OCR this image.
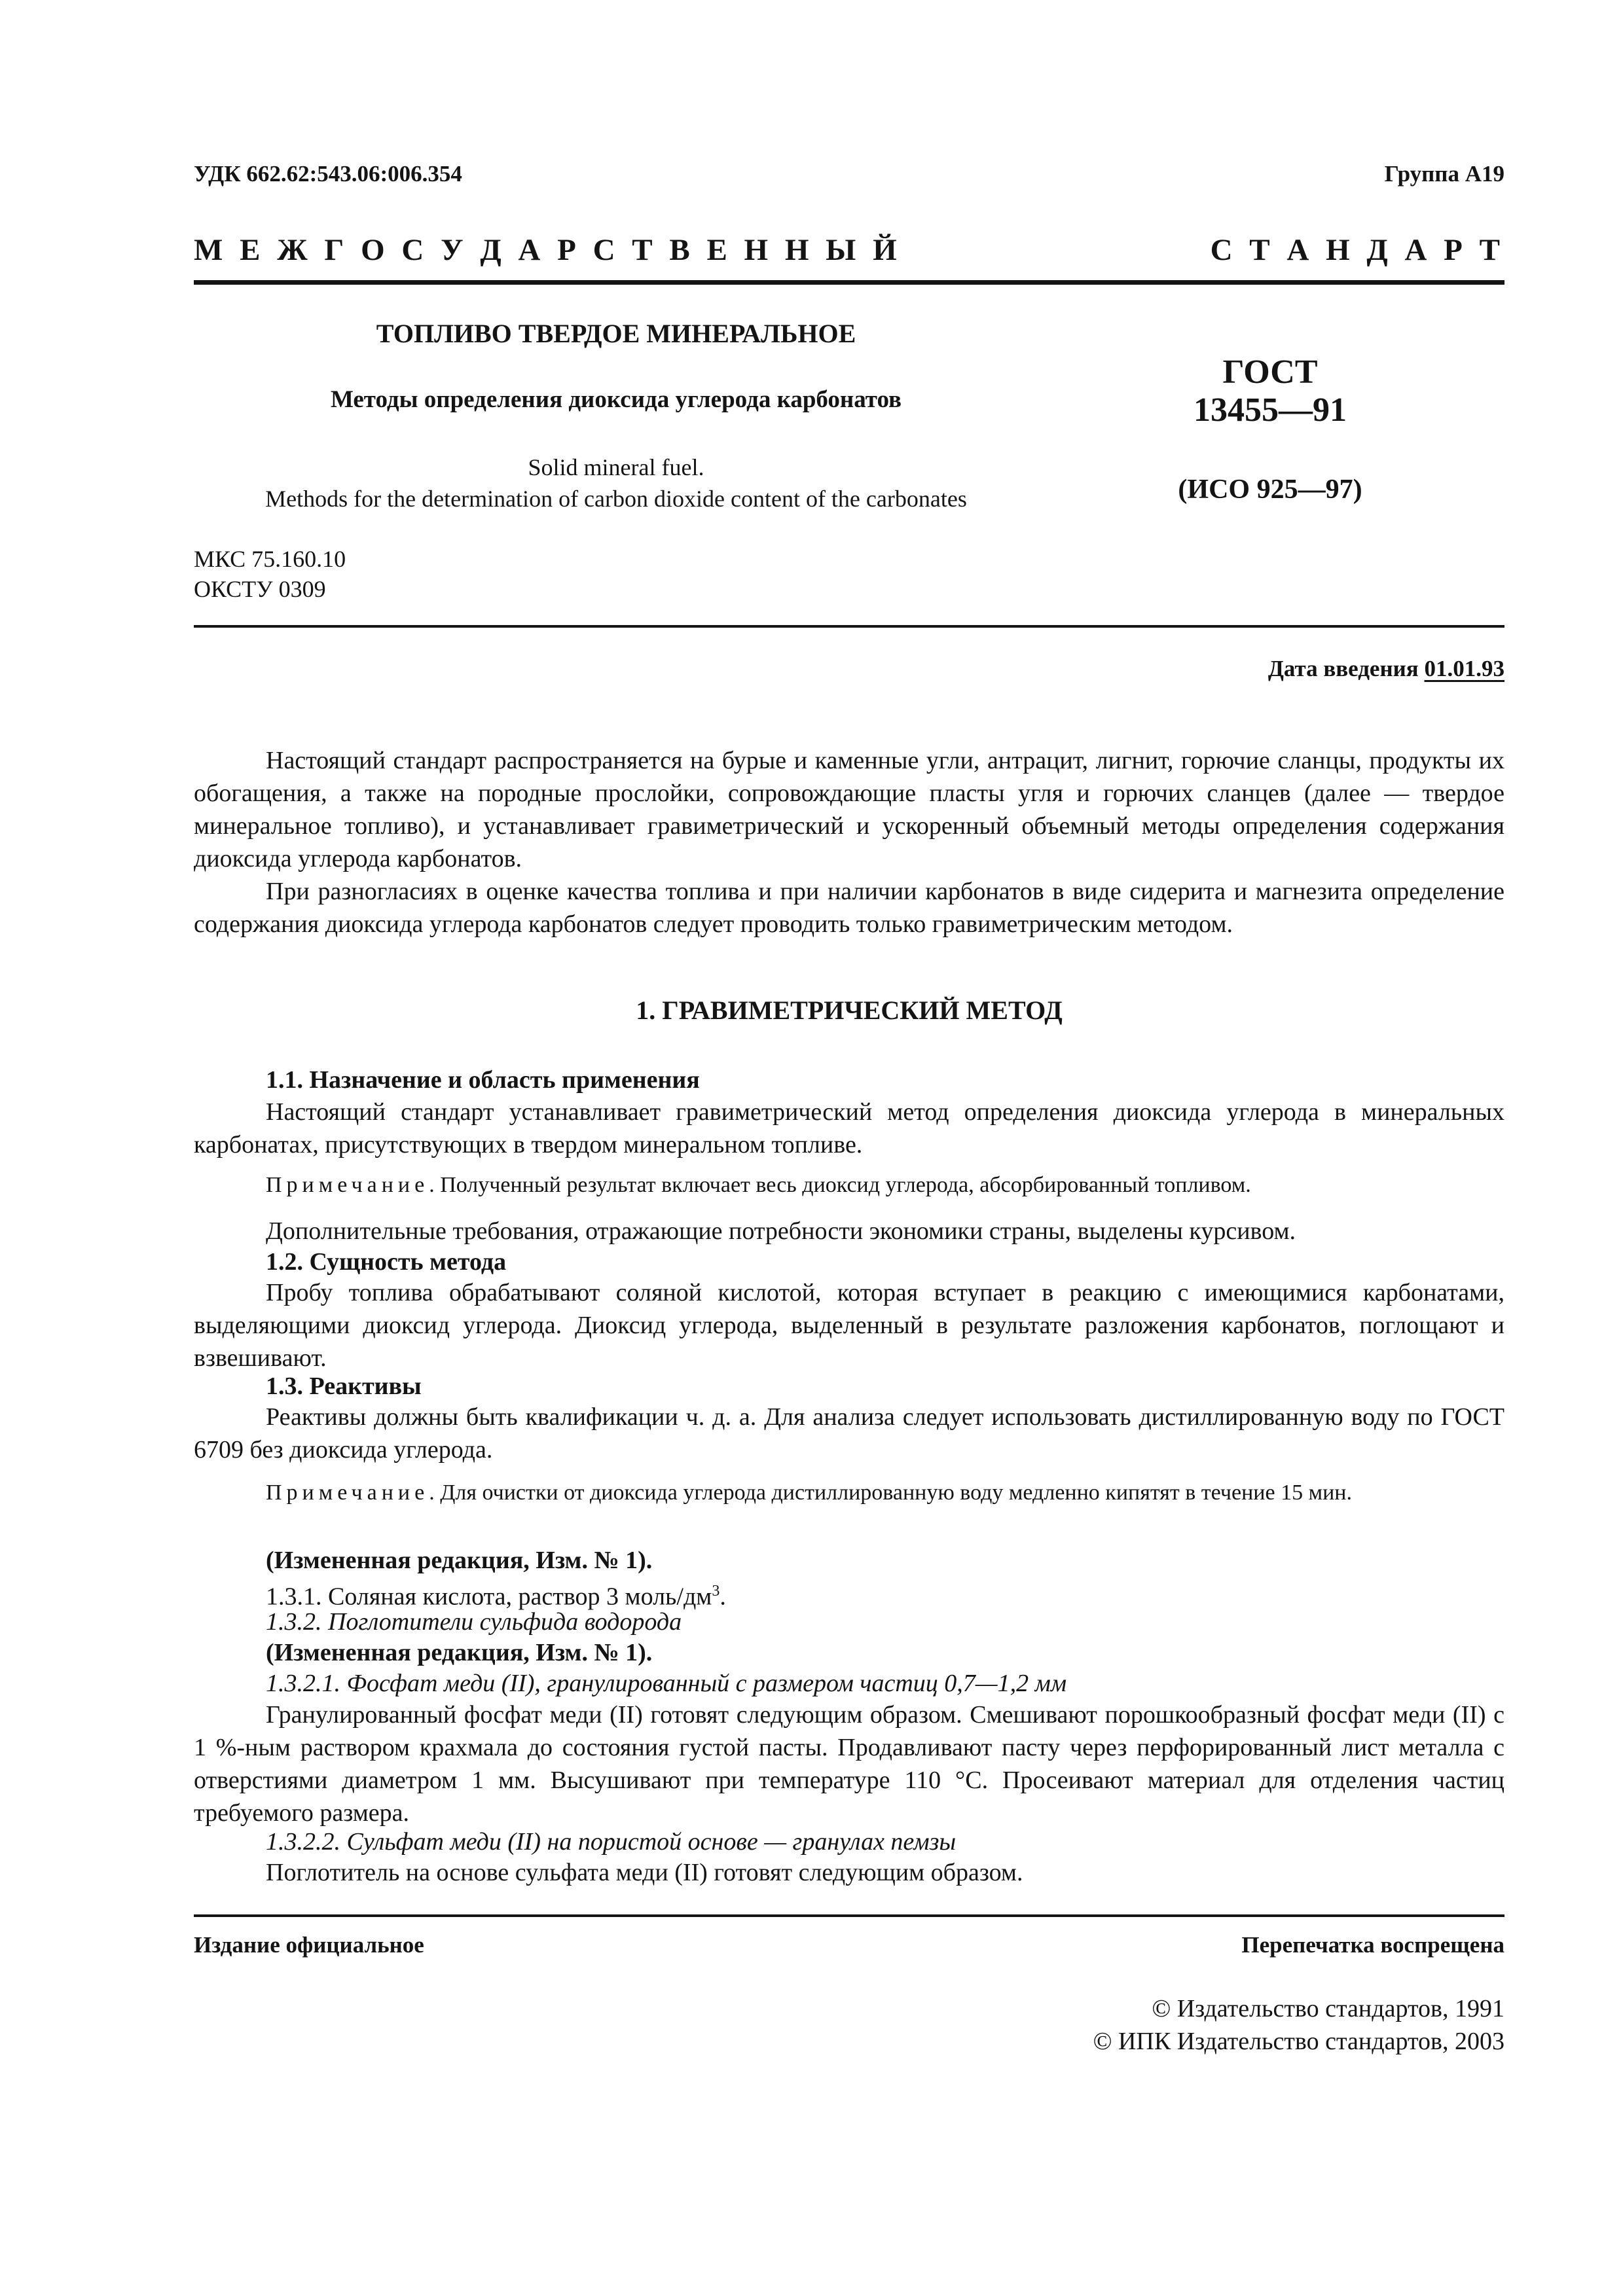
УДК 662.62:543.06:006.354	Группа А19
М Е Ж Г О С У Д А Р С Т В Е Н Н Ы Й	С Т А Н Д А Р Т
ТОПЛИВО ТВЕРДОЕ МИНЕРАЛЬНОЕ
Методы определения диоксида углерода карбонатов
Solid mineral fuel.
Methods for the determination of carbon dioxide content of the carbonates
ГОСТ
13455—91
(ИСО 925—97)
МКС 75.160.10
ОКСТУ 0309
Дата введения 01.01.93
Настоящий стандарт распространяется на бурые и каменные угли, антрацит, лигнит, горючие сланцы, продукты их обогащения, а также на породные прослойки, сопровождающие пласты угля и горючих сланцев (далее — твердое минеральное топливо), и устанавливает гравиметрический и ускоренный объемный методы определения содержания диоксида углерода карбонатов.
При разногласиях в оценке качества топлива и при наличии карбонатов в виде сидерита и магнезита определение содержания диоксида углерода карбонатов следует проводить только гравиметрическим методом.
1. ГРАВИМЕТРИЧЕСКИЙ МЕТОД
1.1. Назначение и область применения
Настоящий стандарт устанавливает гравиметрический метод определения диоксида углерода в минеральных карбонатах, присутствующих в твердом минеральном топливе.
Примечание. Полученный результат включает весь диоксид углерода, абсорбированный топливом.
Дополнительные требования, отражающие потребности экономики страны, выделены курсивом.
1.2. Сущность метода
Пробу топлива обрабатывают соляной кислотой, которая вступает в реакцию с имеющимися карбонатами, выделяющими диоксид углерода. Диоксид углерода, выделенный в результате разложения карбонатов, поглощают и взвешивают.
1.3. Реактивы
Реактивы должны быть квалификации ч. д. а. Для анализа следует использовать дистиллированную воду по ГОСТ 6709 без диоксида углерода.
Примечание. Для очистки от диоксида углерода дистиллированную воду медленно кипятят в течение 15 мин.
(Измененная редакция, Изм. № 1).
1.3.1. Соляная кислота, раствор 3 моль/$дм^3$.
1.3.2. Поглотители сульфида водорода
(Измененная редакция, Изм. № 1).
1.3.2.1. Фосфат меди (II), гранулированный с размером частиц 0,7—1,2 мм
Гранулированный фосфат меди (II) готовят следующим образом. Смешивают порошкообразный фосфат меди (II) с 1 %-ным раствором крахмала до состояния густой пасты. Продавливают пасту через перфорированный лист металла с отверстиями диаметром 1 мм. Высушивают при температуре 110 °С. Просеивают материал для отделения частиц требуемого размера.
1.3.2.2. Сульфат меди (II) на пористой основе — гранулах пемзы
Поглотитель на основе сульфата меди (II) готовят следующим образом.
Издание официальное	Перепечатка воспрещена
© Издательство стандартов, 1991
© ИПК Издательство стандартов, 2003
